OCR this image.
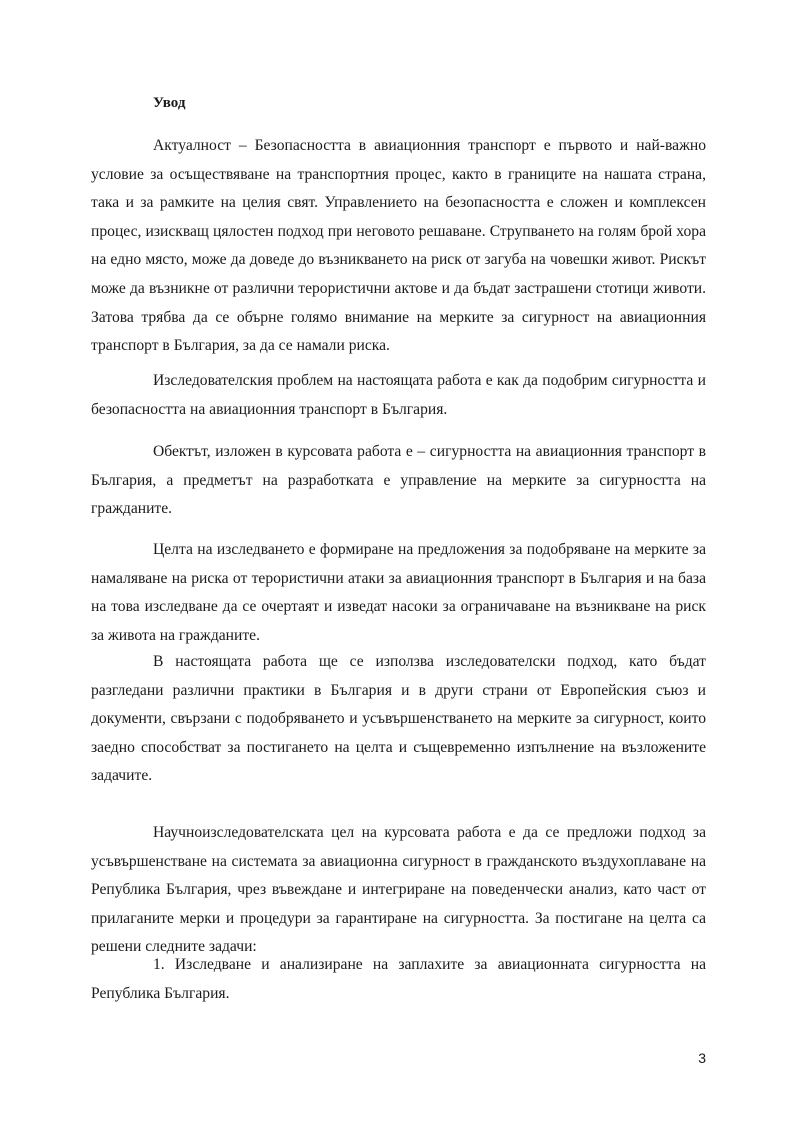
Увод

Актуалност – Безопасността в авиационния транспорт е първото и най-важно условие за осъществяване на транспортния процес, както в границите на нашата страна, така и за рамките на целия свят. Управлението на безопасността е сложен и комплексен процес, изискващ цялостен подход при неговото решаване. Струпването на голям брой хора на едно място, може да доведе до възникването на риск от загуба на човешки живот. Рискът може да възникне от различни терористични актове и да бъдат застрашени стотици животи. Затова трябва да се обърне голямо внимание на мерките за сигурност на авиационния транспорт в България, за да се намали риска.

Изследователския проблем на настоящата работа е как да подобрим сигурността и безопасността на авиационния транспорт в България.

Обектът, изложен в курсовата работа е – сигурността на авиационния транспорт в България, а предметът на разработката е управление на мерките за сигурността на гражданите.

Целта на изследването е формиране на предложения за подобряване на мерките за намаляване на риска от терористични атаки за авиационния транспорт в България и на база на това изследване да се очертаят и изведат насоки за ограничаване на възникване на риск за живота на гражданите.

В настоящата работа ще се използва изследователски подход, като бъдат разгледани различни практики в България и в други страни от Европейския съюз и документи, свързани с подобряването и усъвършенстването на мерките за сигурност, които заедно способстват за постигането на целта и същевременно изпълнение на възложените задачите.

Научноизследователската цел на курсовата работа е да се предложи подход за усъвършенстване на системата за авиационна сигурност в гражданското въздухоплаване на Република България, чрез въвеждане и интегриране на поведенчески анализ, като част от прилаганите мерки и процедури за гарантиране на сигурността. За постигане на целта са решени следните задачи:

1. Изследване и анализиране на заплахите за авиационната сигурността на Република България.

3
